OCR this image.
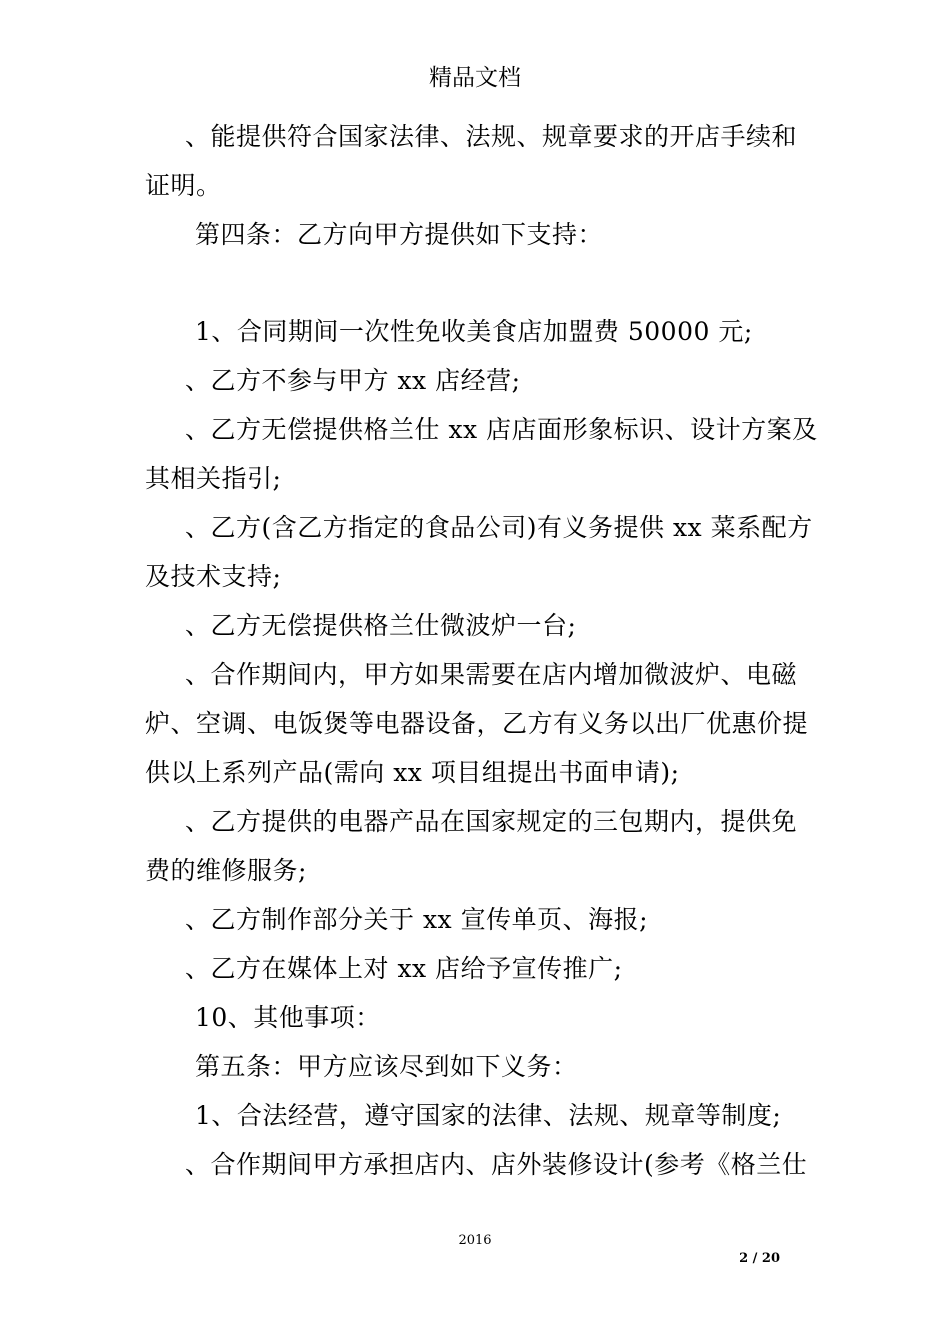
精品文档
、能提供符合国家法律、法规、规章要求的开店手续和
证明。
第四条：乙方向甲方提供如下支持：
1、合同期间一次性免收美食店加盟费 50000 元;
、乙方不参与甲方 xx 店经营;
、乙方无偿提供格兰仕 xx 店店面形象标识、设计方案及
其相关指引;
、乙方(含乙方指定的食品公司)有义务提供 xx 菜系配方
及技术支持;
、乙方无偿提供格兰仕微波炉一台;
、合作期间内，甲方如果需要在店内增加微波炉、电磁
炉、空调、电饭煲等电器设备，乙方有义务以出厂优惠价提
供以上系列产品(需向 xx 项目组提出书面申请);
、乙方提供的电器产品在国家规定的三包期内，提供免
费的维修服务;
、乙方制作部分关于 xx 宣传单页、海报;
、乙方在媒体上对 xx 店给予宣传推广;
10、其他事项：
第五条：甲方应该尽到如下义务：
1、合法经营，遵守国家的法律、法规、规章等制度;
、合作期间甲方承担店内、店外装修设计(参考《格兰仕
2016
2 / 20
